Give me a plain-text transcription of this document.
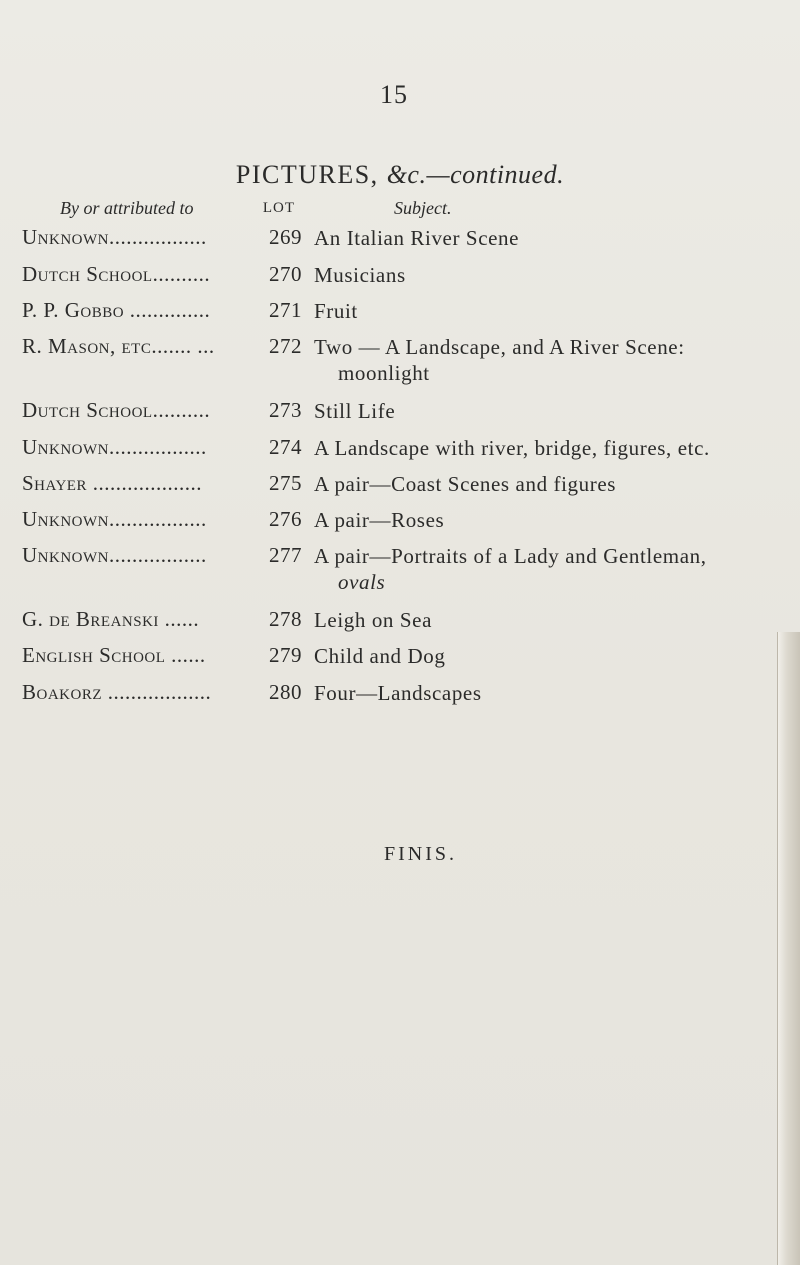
15
PICTURES, &c.—continued.
By or attributed to	LOT	Subject.
Unknown.................	269 An Italian River Scene
Dutch School..........	270 Musicians
P. P. Gobbo ..............	271 Fruit
R. Mason, etc....... ...	272 Two — A Landscape, and A River Scene:
moonlight
Dutch School..........	273 Still Life
Unknown.................	274 A Landscape with river, bridge, figures, etc.
Shayer ...................	275 A pair—Coast Scenes and figures
Unknown.................	276 A pair—Roses
Unknown.................	277 A pair—Portraits of a Lady and Gentleman,
ovals
G. de Breanski ......	278 Leigh on Sea
English School ......	279 Child and Dog
Boakorz ..................	280 Four—Landscapes
FINIS.
